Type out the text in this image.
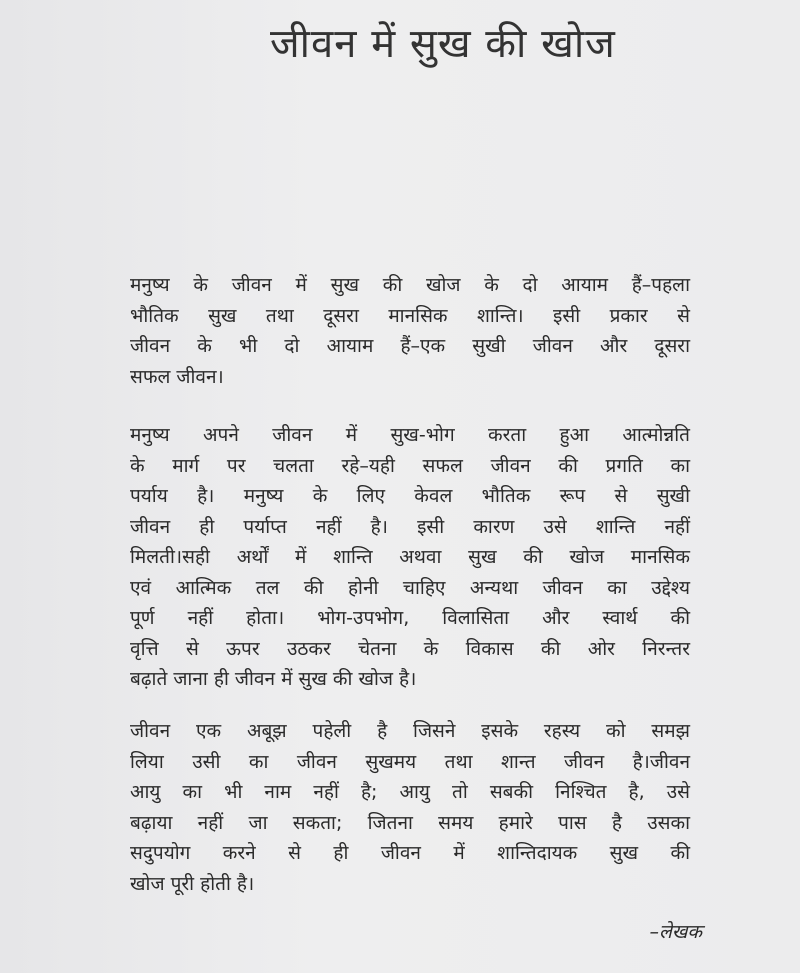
जीवन में सुख की खोज
मनुष्य के जीवन में सुख की खोज के दो आयाम हैं–पहला
भौतिक सुख तथा दूसरा मानसिक शान्ति। इसी प्रकार से
जीवन के भी दो आयाम हैं–एक सुखी जीवन और दूसरा
सफल जीवन।
मनुष्य अपने जीवन में सुख-भोग करता हुआ आत्मोन्नति
के मार्ग पर चलता रहे–यही सफल जीवन की प्रगति का
पर्याय है। मनुष्य के लिए केवल भौतिक रूप से सुखी
जीवन ही पर्याप्त नहीं है। इसी कारण उसे शान्ति नहीं
मिलती।सही अर्थों में शान्ति अथवा सुख की खोज मानसिक
एवं आत्मिक तल की होनी चाहिए अन्यथा जीवन का उद्देश्य
पूर्ण नहीं होता। भोग-उपभोग, विलासिता और स्वार्थ की
वृत्ति से ऊपर उठकर चेतना के विकास की ओर निरन्तर
बढ़ाते जाना ही जीवन में सुख की खोज है।
जीवन एक अबूझ पहेली है जिसने इसके रहस्य को समझ
लिया उसी का जीवन सुखमय तथा शान्त जीवन है।जीवन
आयु का भी नाम नहीं है; आयु तो सबकी निश्चित है, उसे
बढ़ाया नहीं जा सकता; जितना समय हमारे पास है उसका
सदुपयोग करने से ही जीवन में शान्तिदायक सुख की
खोज पूरी होती है।
–लेखक
